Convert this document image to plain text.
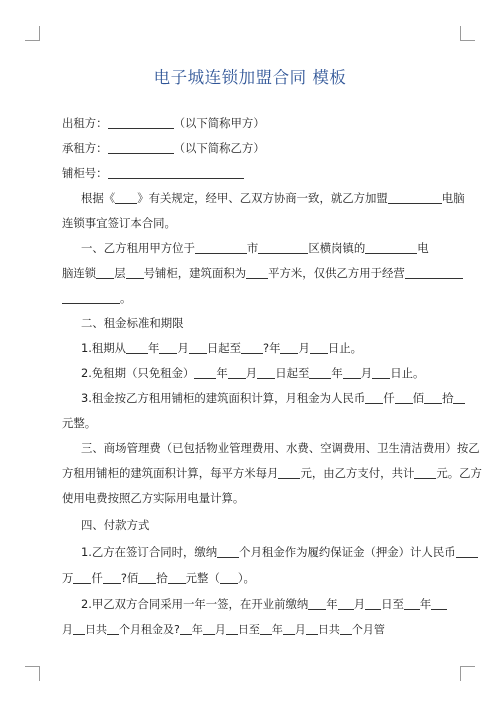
电子城连锁加盟合同 模板
出租方：	（以下简称甲方）
承租方：	（以下简称乙方）
铺柜号：
根据《 》有关规定，经甲、乙双方协商一致，就乙方加盟	电脑
连锁事宜签订本合同。
一、乙方租用甲方位于	市	区横岗镇的	电
脑连锁 层 号铺柜，建筑面积为 平方米，仅供乙方用于经营
。
二、租金标准和期限
1.租期从 年 月 日起至 ?年 月 日止。
2.免租期（只免租金） 年 月 日起至 年 月 日止。
3.租金按乙方租用铺柜的建筑面积计算，月租金为人民币 仟 佰 拾
元整。
三、商场管理费（已包括物业管理费用、水费、空调费用、卫生清洁费用）按乙
方租用铺柜的建筑面积计算，每平方米每月 元，由乙方支付，共计 元。乙方
使用电费按照乙方实际用电量计算。
四、付款方式
1.乙方在签订合同时，缴纳 个月租金作为履约保证金（押金）计人民币
万 仟 ?佰 拾 元整（ ）。
2.甲乙双方合同采用一年一签，在开业前缴纳 年 月 日至 年
月 日共 个月租金及? 年 月 日至 年 月 日共 个月管
